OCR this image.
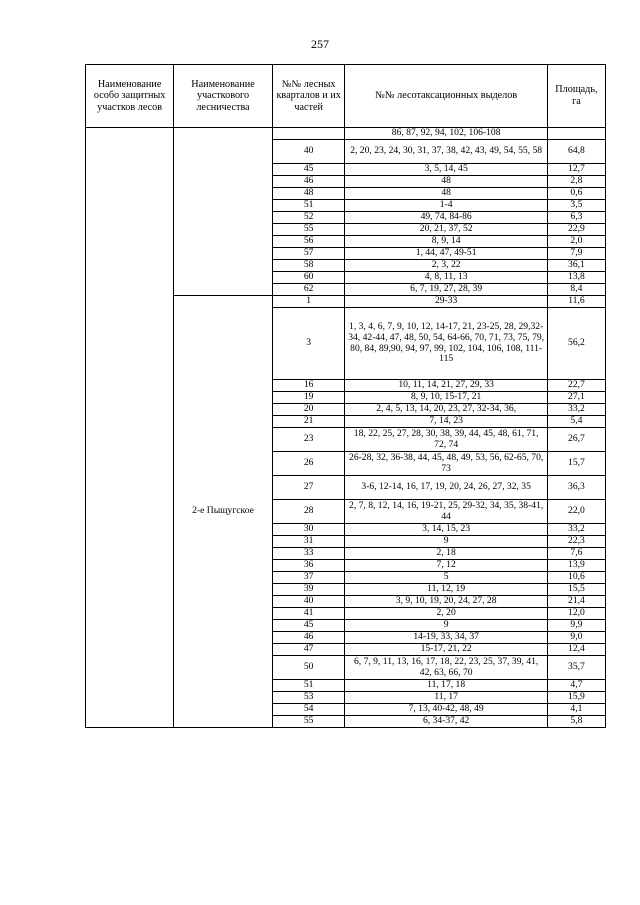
257
Наименование особо защитных участков лесов	Наименование участкового лесничества	№№ лесных кварталов и их частей	№№ лесотаксационных выделов	Площадь, га
			86, 87, 92, 94, 102, 106-108	
		40	2, 20, 23, 24, 30, 31, 37, 38, 42, 43, 49, 54, 55, 58	64,8
		45	3, 5, 14, 45	12,7
		46	48	2,8
		48	48	0,6
		51	1-4	3,5
		52	49, 74, 84-86	6,3
		55	20, 21, 37, 52	22,9
		56	8, 9, 14	2,0
		57	1, 44, 47, 49-51	7,9
		58	2, 3, 22	36,1
		60	4, 8, 11, 13	13,8
		62	6, 7, 19, 27, 28, 39	8,4
	2-е Пыщугское	1	29-33	11,6
		3	1, 3, 4, 6, 7, 9, 10, 12, 14-17, 21, 23-25, 28, 29,32-34, 42-44, 47, 48, 50, 54, 64-66, 70, 71, 73, 75, 79, 80, 84, 89,90, 94, 97, 99, 102, 104, 106, 108, 111-115	56,2
		16	10, 11, 14, 21, 27, 29, 33	22,7
		19	8, 9, 10, 15-17, 21	27,1
		20	2, 4, 5, 13, 14, 20, 23, 27, 32-34, 36,	33,2
		21	7, 14, 23	5,4
		23	18, 22, 25, 27, 28, 30, 38, 39, 44, 45, 48, 61, 71, 72, 74	26,7
		26	26-28, 32, 36-38, 44, 45, 48, 49, 53, 56, 62-65, 70, 73	15,7
		27	3-6, 12-14, 16, 17, 19, 20, 24, 26, 27, 32, 35	36,3
		28	2, 7, 8, 12, 14, 16, 19-21, 25, 29-32, 34, 35, 38-41, 44	22,0
		30	3, 14, 15, 23	33,2
		31	9	22,3
		33	2, 18	7,6
		36	7, 12	13,9
		37	5	10,6
		39	11, 12, 19	15,5
		40	3, 9, 10, 19, 20, 24, 27, 28	21,4
		41	2, 20	12,0
		45	9	9,9
		46	14-19, 33, 34, 37	9,0
		47	15-17, 21, 22	12,4
		50	6, 7, 9, 11, 13, 16, 17, 18, 22, 23, 25, 37, 39, 41, 42, 63, 66, 70	35,7
		51	11, 17, 18	4,7
		53	11, 17	15,9
		54	7, 13, 40-42, 48, 49	4,1
		55	6, 34-37, 42	5,8
